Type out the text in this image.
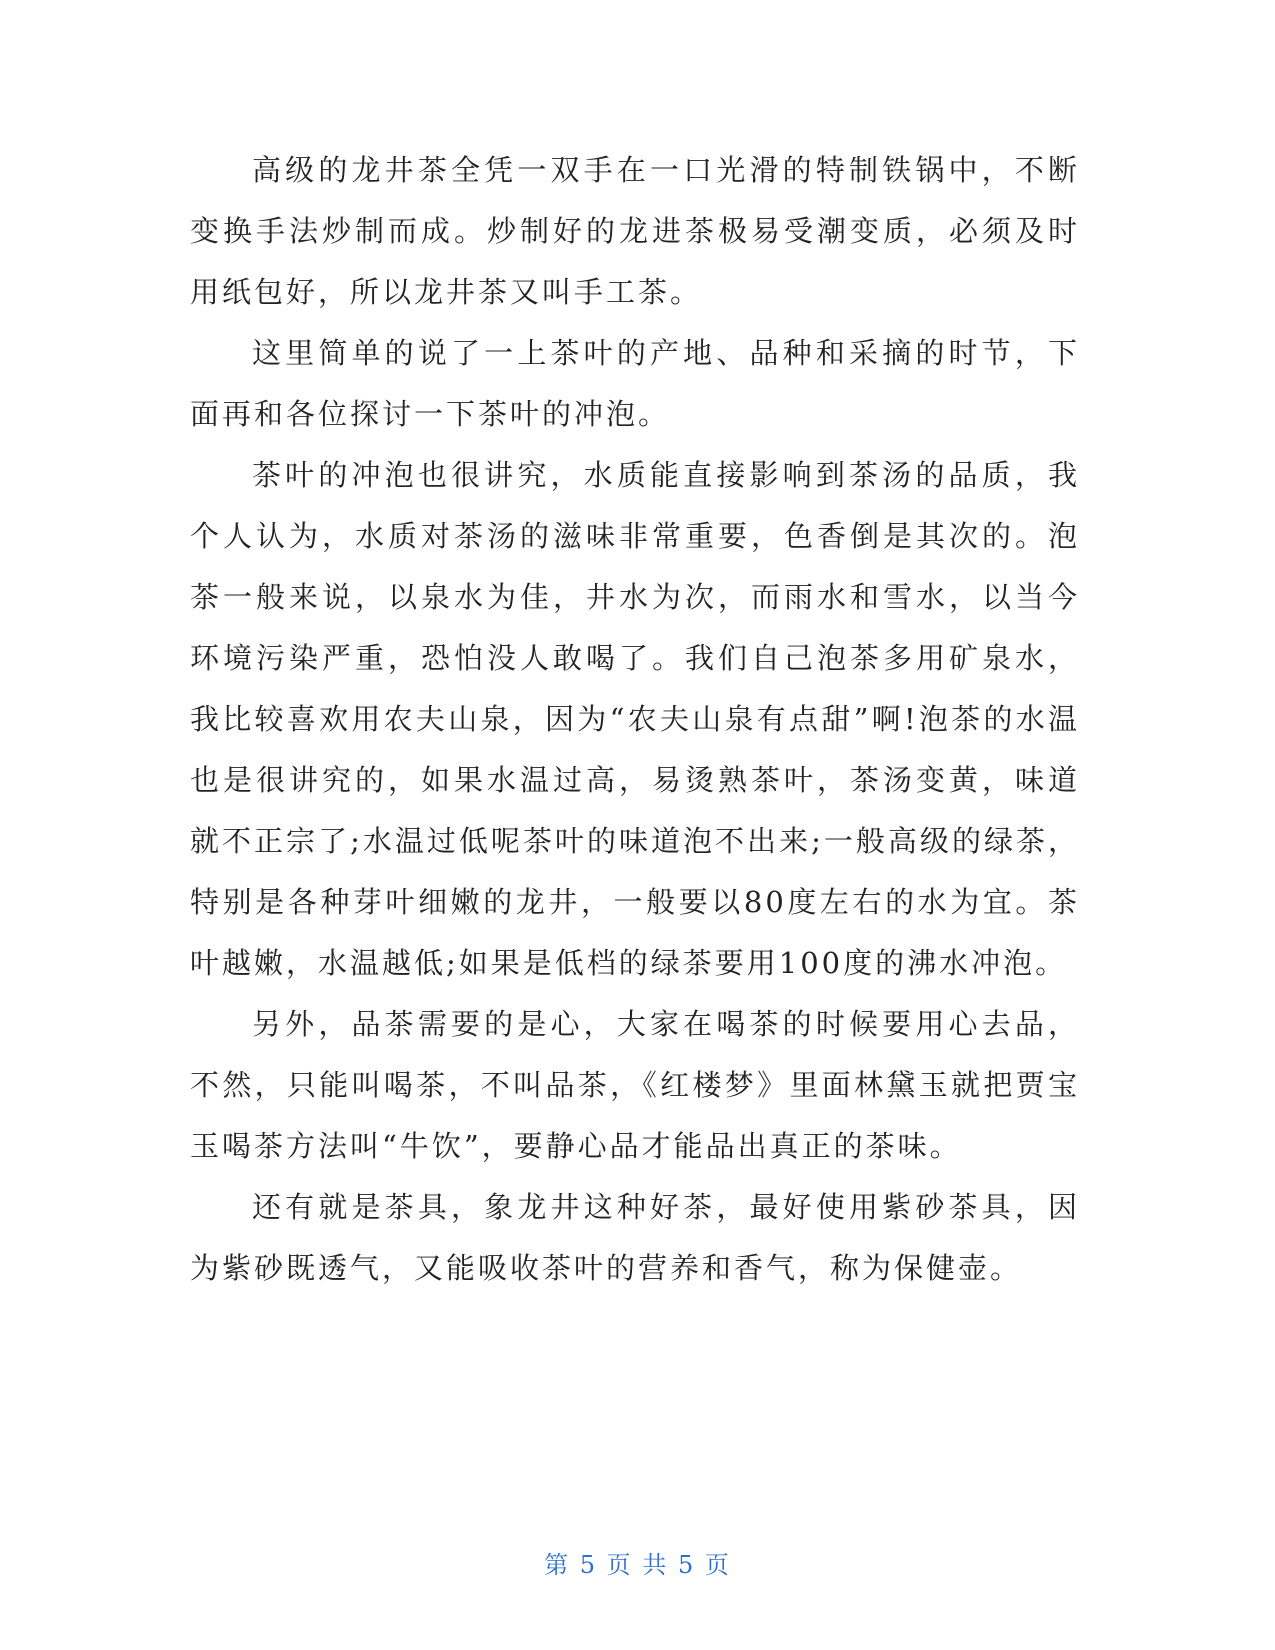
高级的龙井茶全凭一双手在一口光滑的特制铁锅中，不断变换手法炒制而成。炒制好的龙进茶极易受潮变质，必须及时用纸包好，所以龙井茶又叫手工茶。

这里简单的说了一上茶叶的产地、品种和采摘的时节，下面再和各位探讨一下茶叶的冲泡。

茶叶的冲泡也很讲究，水质能直接影响到茶汤的品质，我个人认为，水质对茶汤的滋味非常重要，色香倒是其次的。泡茶一般来说，以泉水为佳，井水为次，而雨水和雪水，以当今环境污染严重，恐怕没人敢喝了。我们自己泡茶多用矿泉水，我比较喜欢用农夫山泉，因为“农夫山泉有点甜”啊!泡茶的水温也是很讲究的，如果水温过高，易烫熟茶叶，茶汤变黄，味道就不正宗了;水温过低呢茶叶的味道泡不出来;一般高级的绿茶，特别是各种芽叶细嫩的龙井，一般要以80度左右的水为宜。茶叶越嫩，水温越低;如果是低档的绿茶要用100度的沸水冲泡。

另外，品茶需要的是心，大家在喝茶的时候要用心去品，不然，只能叫喝茶，不叫品茶，《红楼梦》里面林黛玉就把贾宝玉喝茶方法叫“牛饮”，要静心品才能品出真正的茶味。

还有就是茶具，象龙井这种好茶，最好使用紫砂茶具，因为紫砂既透气，又能吸收茶叶的营养和香气，称为保健壶。

第 5 页 共 5 页
